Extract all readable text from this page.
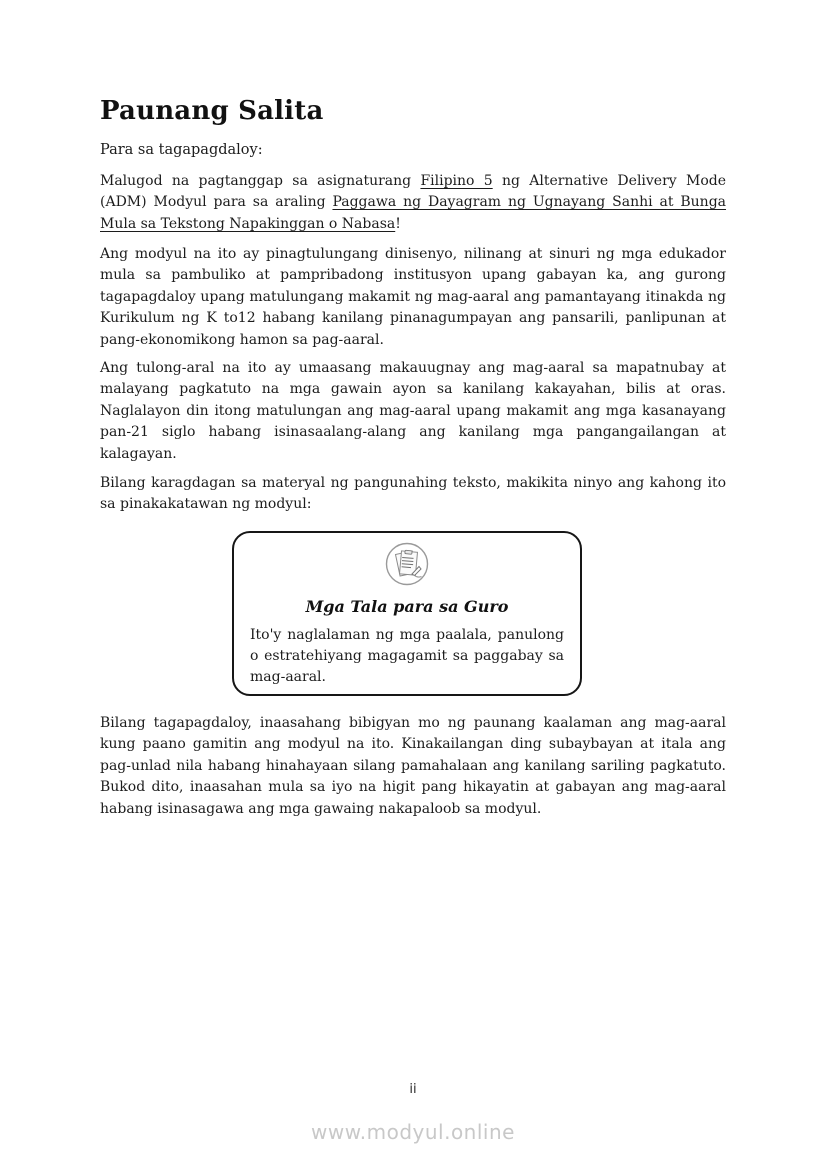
Paunang Salita

Para sa tagapagdaloy:

Malugod na pagtanggap sa asignaturang Filipino 5 ng Alternative Delivery Mode (ADM) Modyul para sa araling Paggawa ng Dayagram ng Ugnayang Sanhi at Bunga Mula sa Tekstong Napakinggan o Nabasa!

Ang modyul na ito ay pinagtulungang dinisenyo, nilinang at sinuri ng mga edukador mula sa pambuliko at pampribadong institusyon upang gabayan ka, ang gurong tagapagdaloy upang matulungang makamit ng mag-aaral ang pamantayang itinakda ng Kurikulum ng K to12 habang kanilang pinanagumpayan ang pansarili, panlipunan at pang-ekonomikong hamon sa pag-aaral.

Ang tulong-aral na ito ay umaasang makauugnay ang mag-aaral sa mapatnubay at malayang pagkatuto na mga gawain ayon sa kanilang kakayahan, bilis at oras. Naglalayon din itong matulungan ang mag-aaral upang makamit ang mga kasanayang pan-21 siglo habang isinasaalang-alang ang kanilang mga pangangailangan at kalagayan.

Bilang karagdagan sa materyal ng pangunahing teksto, makikita ninyo ang kahong ito sa pinakakatawan ng modyul:

Mga Tala para sa Guro
Ito'y naglalaman ng mga paalala, panulong o estratehiyang magagamit sa paggabay sa mag-aaral.

Bilang tagapagdaloy, inaasahang bibigyan mo ng paunang kaalaman ang mag-aaral kung paano gamitin ang modyul na ito. Kinakailangan ding subaybayan at itala ang pag-unlad nila habang hinahayaan silang pamahalaan ang kanilang sariling pagkatuto. Bukod dito, inaasahan mula sa iyo na higit pang hikayatin at gabayan ang mag-aaral habang isinasagawa ang mga gawaing nakapaloob sa modyul.

ii
www.modyul.online
